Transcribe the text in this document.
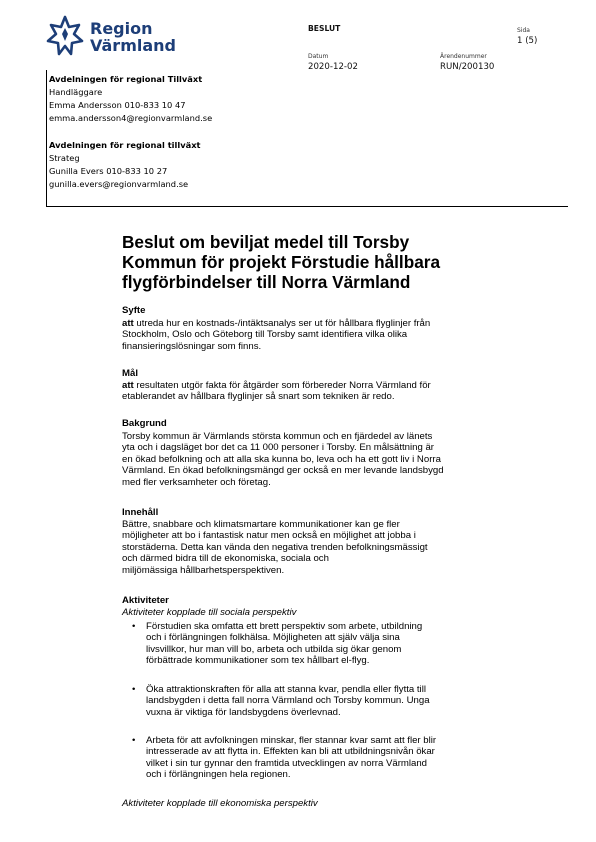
Region
Värmland
BESLUT	Sida
1 (5)
Datum
2020-12-02
Ärendenummer
RUN/200130
Avdelningen för regional Tillväxt
Handläggare
Emma Andersson 010-833 10 47
emma.andersson4@regionvarmland.se
Avdelningen för regional tillväxt
Strateg
Gunilla Evers 010-833 10 27
gunilla.evers@regionvarmland.se
Beslut om beviljat medel till Torsby
Kommun för projekt Förstudie hållbara
flygförbindelser till Norra Värmland
Syfte
att utreda hur en kostnads-/intäktsanalys ser ut för hållbara flyglinjer från
Stockholm, Oslo och Göteborg till Torsby samt identifiera vilka olika
finansieringslösningar som finns.
Mål
att resultaten utgör fakta för åtgärder som förbereder Norra Värmland för
etablerandet av hållbara flyglinjer så snart som tekniken är redo.
Bakgrund
Torsby kommun är Värmlands största kommun och en fjärdedel av länets
yta och i dagsläget bor det ca 11 000 personer i Torsby. En målsättning är
en ökad befolkning och att alla ska kunna bo, leva och ha ett gott liv i Norra
Värmland. En ökad befolkningsmängd ger också en mer levande landsbygd
med fler verksamheter och företag.
Innehåll
Bättre, snabbare och klimatsmartare kommunikationer kan ge fler
möjligheter att bo i fantastisk natur men också en möjlighet att jobba i
storstäderna. Detta kan vända den negativa trenden befolkningsmässigt
och därmed bidra till de ekonomiska, sociala och
miljömässiga hållbarhetsperspektiven.
Aktiviteter
Aktiviteter kopplade till sociala perspektiv
• Förstudien ska omfatta ett brett perspektiv som arbete, utbildning
och i förlängningen folkhälsa. Möjligheten att själv välja sina
livsvillkor, hur man vill bo, arbeta och utbilda sig ökar genom
förbättrade kommunikationer som tex hållbart el-flyg.
• Öka attraktionskraften för alla att stanna kvar, pendla eller flytta till
landsbygden i detta fall norra Värmland och Torsby kommun. Unga
vuxna är viktiga för landsbygdens överlevnad.
• Arbeta för att avfolkningen minskar, fler stannar kvar samt att fler blir
intresserade av att flytta in. Effekten kan bli att utbildningsnivån ökar
vilket i sin tur gynnar den framtida utvecklingen av norra Värmland
och i förlängningen hela regionen.
Aktiviteter kopplade till ekonomiska perspektiv
